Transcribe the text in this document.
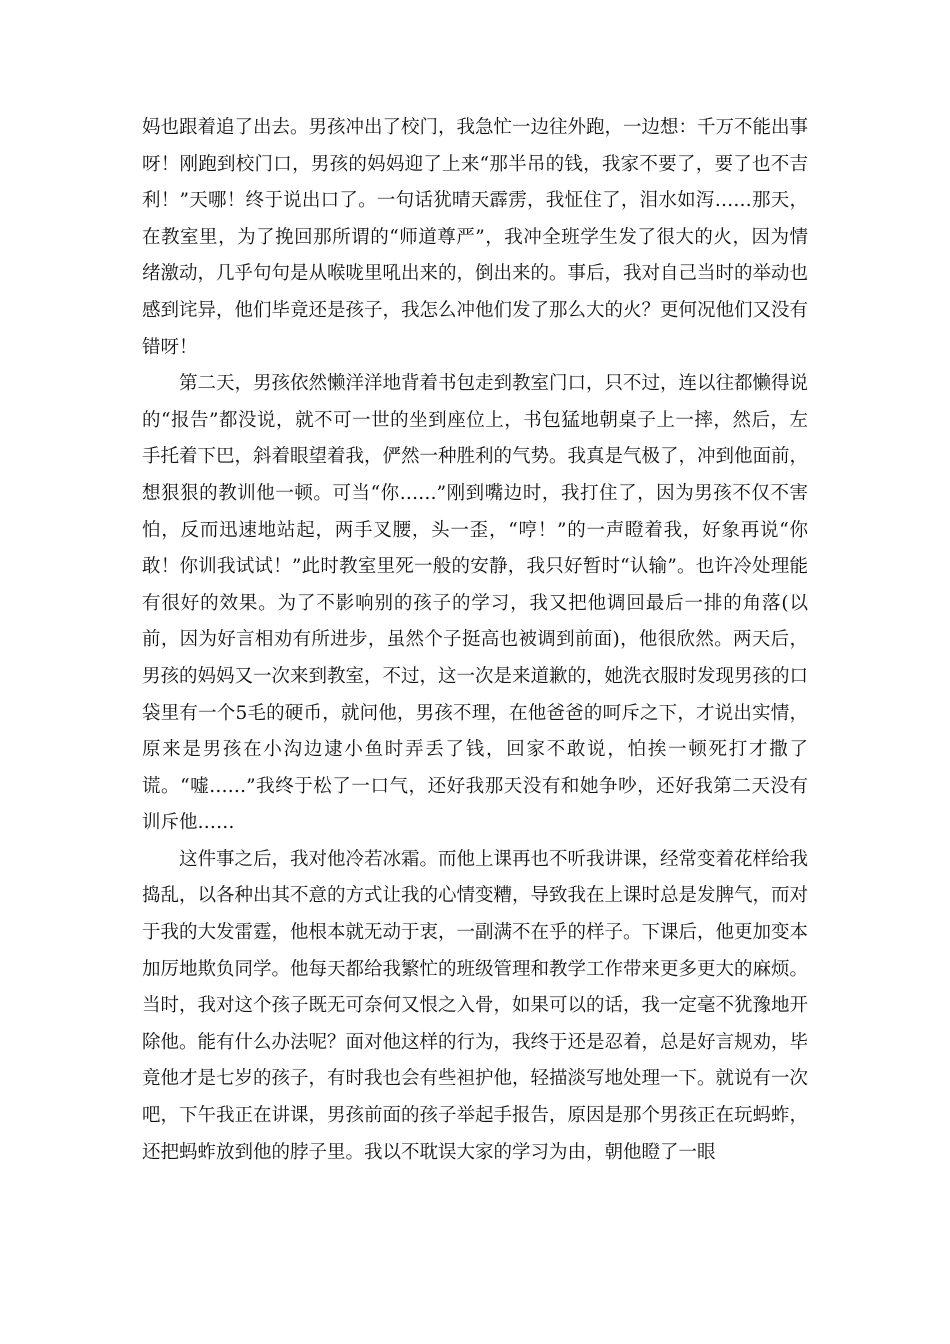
妈也跟着追了出去。男孩冲出了校门，我急忙一边往外跑，一边想：千万不能出事呀！刚跑到校门口，男孩的妈妈迎了上来“那半吊的钱，我家不要了，要了也不吉利！”天哪！终于说出口了。一句话犹晴天霹雳，我怔住了，泪水如泻……那天，在教室里，为了挽回那所谓的“师道尊严”，我冲全班学生发了很大的火，因为情绪激动，几乎句句是从喉咙里吼出来的，倒出来的。事后，我对自己当时的举动也感到诧异，他们毕竟还是孩子，我怎么冲他们发了那么大的火？更何况他们又没有错呀！

第二天，男孩依然懒洋洋地背着书包走到教室门口，只不过，连以往都懒得说的“报告”都没说，就不可一世的坐到座位上，书包猛地朝桌子上一摔，然后，左手托着下巴，斜着眼望着我，俨然一种胜利的气势。我真是气极了，冲到他面前，想狠狠的教训他一顿。可当“你……”刚到嘴边时，我打住了，因为男孩不仅不害怕，反而迅速地站起，两手叉腰，头一歪，“哼！”的一声瞪着我，好象再说“你敢！你训我试试！”此时教室里死一般的安静，我只好暂时“认输”。也许冷处理能有很好的效果。为了不影响别的孩子的学习，我又把他调回最后一排的角落(以前，因为好言相劝有所进步，虽然个子挺高也被调到前面)，他很欣然。两天后，男孩的妈妈又一次来到教室，不过，这一次是来道歉的，她洗衣服时发现男孩的口袋里有一个5毛的硬币，就问他，男孩不理，在他爸爸的呵斥之下，才说出实情，原来是男孩在小沟边逮小鱼时弄丢了钱，回家不敢说，怕挨一顿死打才撒了谎。“嘘……”我终于松了一口气，还好我那天没有和她争吵，还好我第二天没有训斥他……

这件事之后，我对他冷若冰霜。而他上课再也不听我讲课，经常变着花样给我捣乱，以各种出其不意的方式让我的心情变糟，导致我在上课时总是发脾气，而对于我的大发雷霆，他根本就无动于衷，一副满不在乎的样子。下课后，他更加变本加厉地欺负同学。他每天都给我繁忙的班级管理和教学工作带来更多更大的麻烦。当时，我对这个孩子既无可奈何又恨之入骨，如果可以的话，我一定毫不犹豫地开除他。能有什么办法呢？面对他这样的行为，我终于还是忍着，总是好言规劝，毕竟他才是七岁的孩子，有时我也会有些袒护他，轻描淡写地处理一下。就说有一次吧，下午我正在讲课，男孩前面的孩子举起手报告，原因是那个男孩正在玩蚂蚱，还把蚂蚱放到他的脖子里。我以不耽误大家的学习为由，朝他瞪了一眼
